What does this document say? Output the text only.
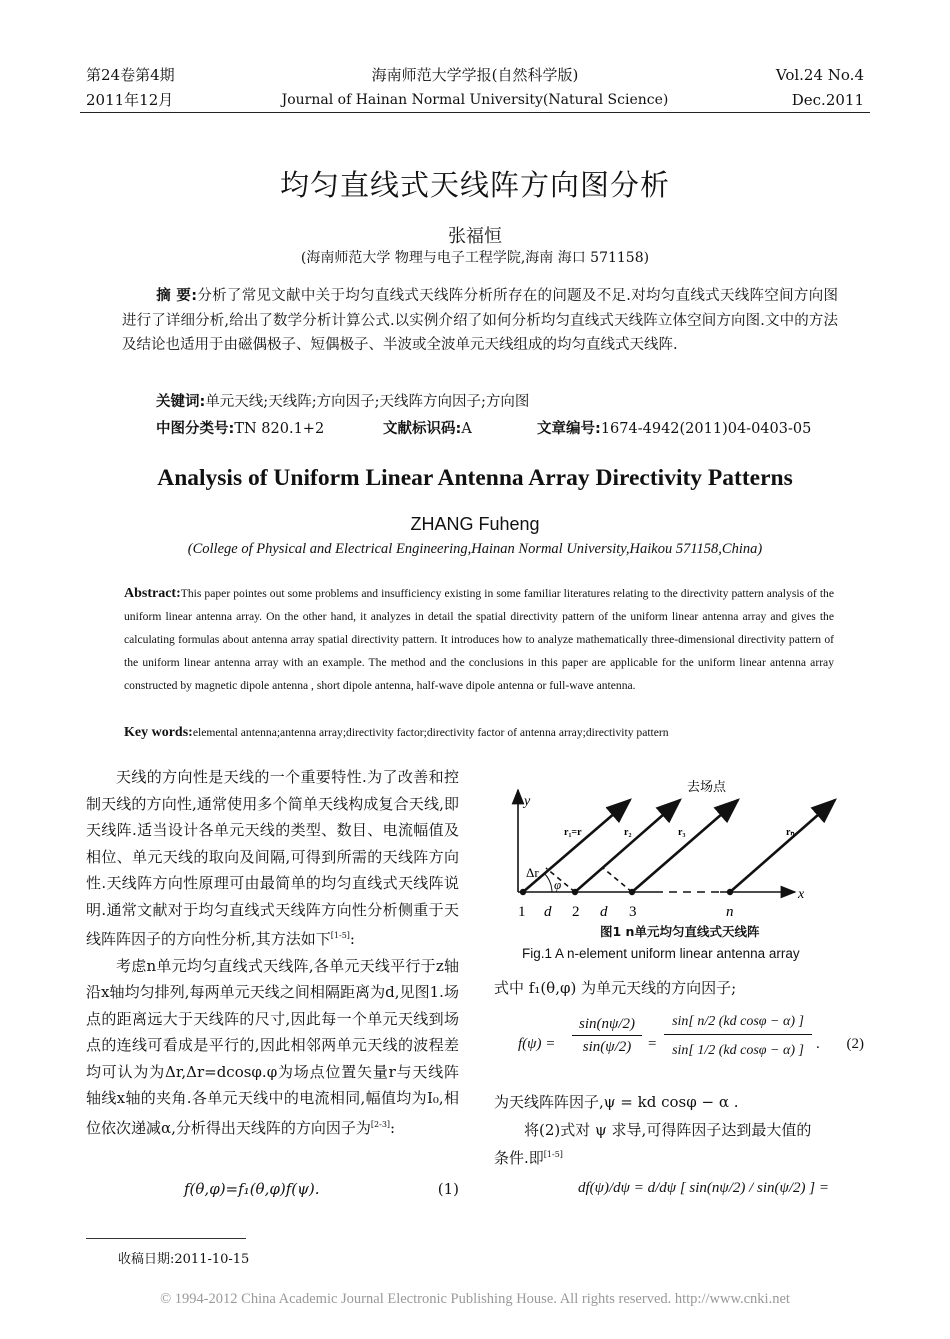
第24卷第4期
2011年12月
海南师范大学学报(自然科学版)
Journal of Hainan Normal University(Natural Science)
Vol.24 No.4
Dec.2011
均匀直线式天线阵方向图分析
张福恒
(海南师范大学 物理与电子工程学院,海南 海口 571158)
摘 要:分析了常见文献中关于均匀直线式天线阵分析所存在的问题及不足.对均匀直线式天线阵空间方向图进行了详细分析,给出了数学分析计算公式.以实例介绍了如何分析均匀直线式天线阵立体空间方向图.文中的方法及结论也适用于由磁偶极子、短偶极子、半波或全波单元天线组成的均匀直线式天线阵.
关键词:单元天线;天线阵;方向因子;天线阵方向因子;方向图
中图分类号:TN 820.1+2	文献标识码:A	文章编号:1674-4942(2011)04-0403-05
Analysis of Uniform Linear Antenna Array Directivity Patterns
ZHANG Fuheng
(College of Physical and Electrical Engineering,Hainan Normal University,Haikou 571158,China)
Abstract:This paper pointes out some problems and insufficiency existing in some familiar literatures relating to the directivity pattern analysis of the uniform linear antenna array. On the other hand, it analyzes in detail the spatial directivity pattern of the uniform linear antenna array and gives the calculating formulas about antenna array spatial directivity pattern. It introduces how to analyze mathematically three-dimensional directivity pattern of the uniform linear antenna array with an example. The method and the conclusions in this paper are applicable for the uniform linear antenna array constructed by magnetic dipole antenna , short dipole antenna, half-wave dipole antenna or full-wave antenna.
Key words:elemental antenna;antenna array;directivity factor;directivity factor of antenna array;directivity pattern

天线的方向性是天线的一个重要特性.为了改善和控制天线的方向性,通常使用多个简单天线构成复合天线,即天线阵.适当设计各单元天线的类型、数目、电流幅值及相位、单元天线的取向及间隔,可得到所需的天线阵方向性.天线阵方向性原理可由最简单的均匀直线式天线阵说明.通常文献对于均匀直线式天线阵方向性分析侧重于天线阵阵因子的方向性分析,其方法如下[1-5]:

考虑n单元均匀直线式天线阵,各单元天线平行于z轴沿x轴均匀排列,每两单元天线之间相隔距离为d,见图1.场点的距离远大于天线阵的尺寸,因此每一个单元天线到场点的连线可看成是平行的,因此相邻两单元天线的波程差均可认为为Δr,Δr=dcosφ.φ为场点位置矢量r与天线阵轴线x轴的夹角.各单元天线中的电流相同,幅值均为I₀,相位依次递减α,分析得出天线阵的方向因子为[2-3]:

f(θ,φ)=f₁(θ,φ)f(ψ).	(1)
去场点
y
x
r₁=r	r₂	r₃	rₙ
Δr
φ
1 d 2 d 3	n
图1 n单元均匀直线式天线阵
Fig.1 A n-element uniform linear antenna array
式中 f₁(θ,φ) 为单元天线的方向因子;
f(ψ) =
sin(nψ/2)
sin(ψ/2)	=
sin[ n/2 (kd cosφ − α) ]
sin[ 1/2 (kd cosφ − α) ] . (2)
为天线阵阵因子,ψ = kd cosφ − α .
将(2)式对 ψ 求导,可得阵因子达到最大值的
条件.即[1-5]
df(ψ)/dψ = d/dψ [ sin(nψ/2) / sin(ψ/2) ] =
收稿日期:2011-10-15
© 1994-2012 China Academic Journal Electronic Publishing House. All rights reserved. http://www.cnki.net
